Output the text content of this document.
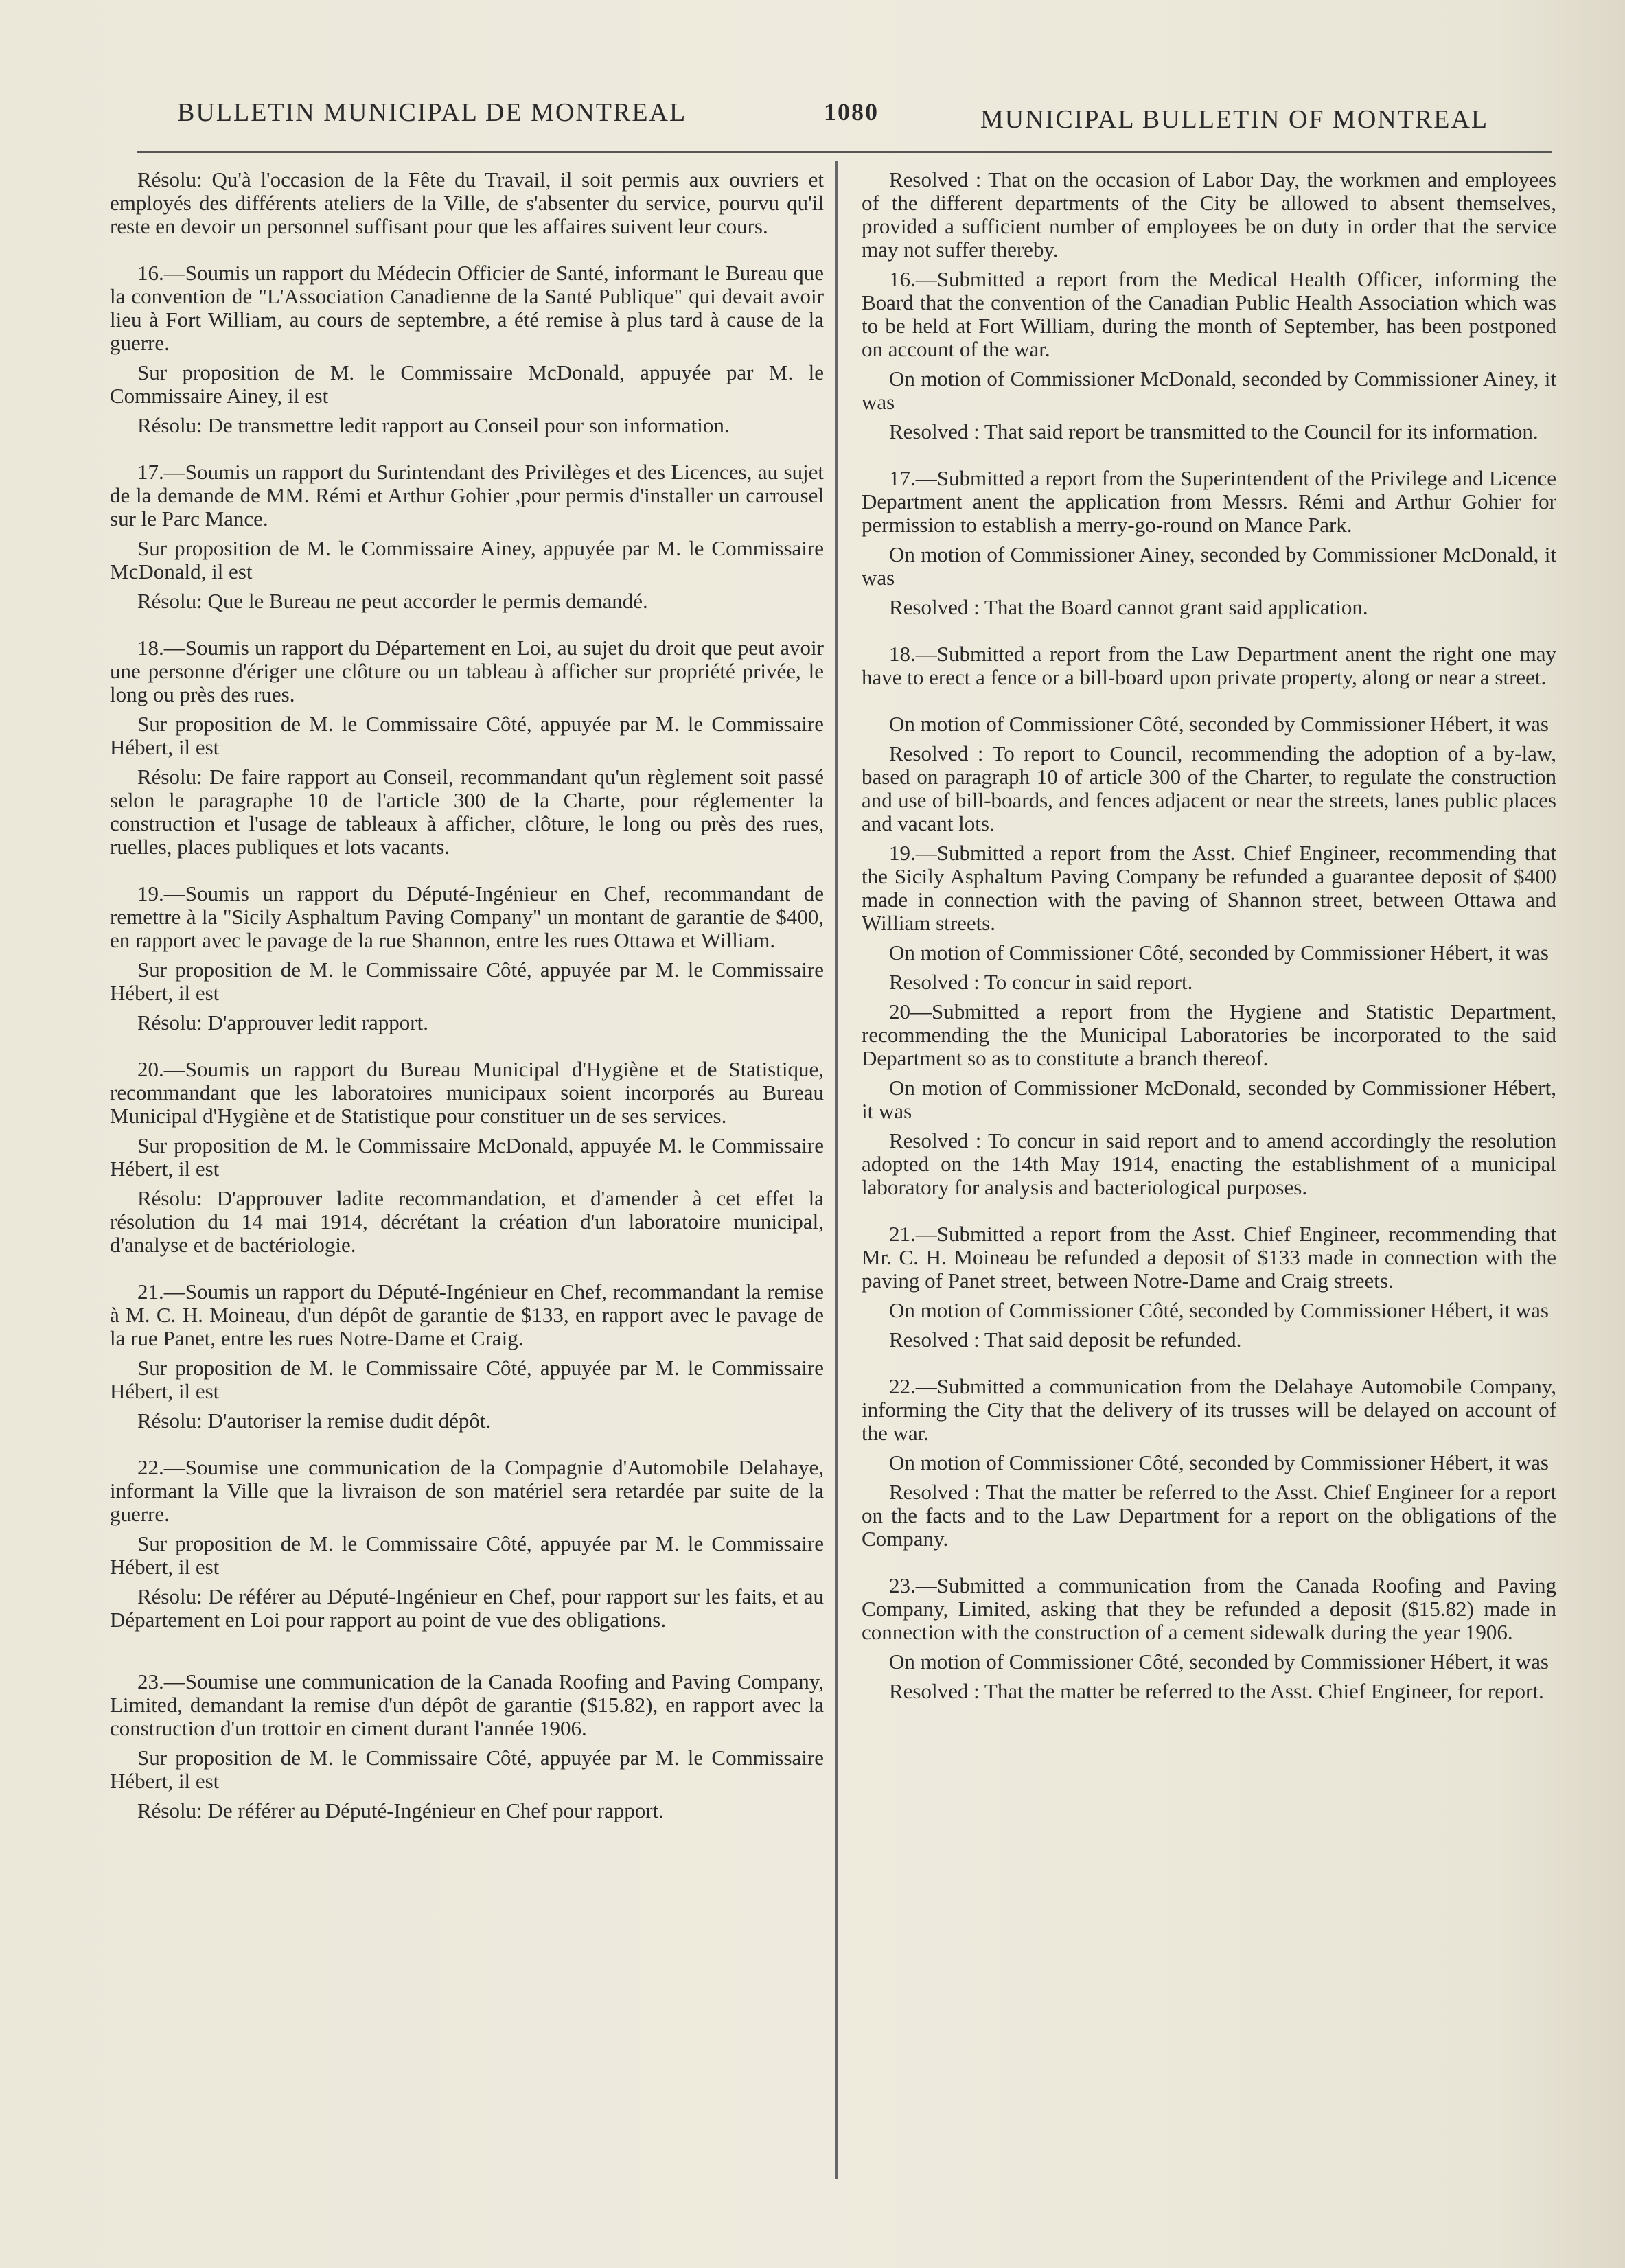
BULLETIN MUNICIPAL DE MONTREAL	1080	MUNICIPAL BULLETIN OF MONTREAL

Résolu: Qu'à l'occasion de la Fête du Travail, il soit permis aux ouvriers et employés des différents ateliers de la Ville, de s'absenter du service, pourvu qu'il reste en devoir un personnel suffisant pour que les affaires suivent leur cours.

16.—Soumis un rapport du Médecin Officier de Santé, informant le Bureau que la convention de "L'Association Canadienne de la Santé Publique" qui devait avoir lieu à Fort William, au cours de septembre, a été remise à plus tard à cause de la guerre.

Sur proposition de M. le Commissaire McDonald, appuyée par M. le Commissaire Ainey, il est

Résolu: De transmettre ledit rapport au Conseil pour son information.

17.—Soumis un rapport du Surintendant des Privilèges et des Licences, au sujet de la demande de MM. Rémi et Arthur Gohier ,pour permis d'installer un carrousel sur le Parc Mance.

Sur proposition de M. le Commissaire Ainey, appuyée par M. le Commissaire McDonald, il est

Résolu: Que le Bureau ne peut accorder le permis demandé.

18.—Soumis un rapport du Département en Loi, au sujet du droit que peut avoir une personne d'ériger une clôture ou un tableau à afficher sur propriété privée, le long ou près des rues.

Sur proposition de M. le Commissaire Côté, appuyée par M. le Commissaire Hébert, il est

Résolu: De faire rapport au Conseil, recommandant qu'un règlement soit passé selon le paragraphe 10 de l'article 300 de la Charte, pour réglementer la construction et l'usage de tableaux à afficher, clôture, le long ou près des rues, ruelles, places publiques et lots vacants.

19.—Soumis un rapport du Député-Ingénieur en Chef, recommandant de remettre à la "Sicily Asphaltum Paving Company" un montant de garantie de $400, en rapport avec le pavage de la rue Shannon, entre les rues Ottawa et William.

Sur proposition de M. le Commissaire Côté, appuyée par M. le Commissaire Hébert, il est

Résolu: D'approuver ledit rapport.

20.—Soumis un rapport du Bureau Municipal d'Hygiène et de Statistique, recommandant que les laboratoires municipaux soient incorporés au Bureau Municipal d'Hygiène et de Statistique pour constituer un de ses services.

Sur proposition de M. le Commissaire McDonald, appuyée M. le Commissaire Hébert, il est

Résolu: D'approuver ladite recommandation, et d'amender à cet effet la résolution du 14 mai 1914, décrétant la création d'un laboratoire municipal, d'analyse et de bactériologie.

21.—Soumis un rapport du Député-Ingénieur en Chef, recommandant la remise à M. C. H. Moineau, d'un dépôt de garantie de $133, en rapport avec le pavage de la rue Panet, entre les rues Notre-Dame et Craig.

Sur proposition de M. le Commissaire Côté, appuyée par M. le Commissaire Hébert, il est

Résolu: D'autoriser la remise dudit dépôt.

22.—Soumise une communication de la Compagnie d'Automobile Delahaye, informant la Ville que la livraison de son matériel sera retardée par suite de la guerre.

Sur proposition de M. le Commissaire Côté, appuyée par M. le Commissaire Hébert, il est

Résolu: De référer au Député-Ingénieur en Chef, pour rapport sur les faits, et au Département en Loi pour rapport au point de vue des obligations.

23.—Soumise une communication de la Canada Roofing and Paving Company, Limited, demandant la remise d'un dépôt de garantie ($15.82), en rapport avec la construction d'un trottoir en ciment durant l'année 1906.

Sur proposition de M. le Commissaire Côté, appuyée par M. le Commissaire Hébert, il est

Résolu: De référer au Député-Ingénieur en Chef pour rapport.

Resolved : That on the occasion of Labor Day, the workmen and employees of the different departments of the City be allowed to absent themselves, provided a sufficient number of employees be on duty in order that the service may not suffer thereby.

16.—Submitted a report from the Medical Health Officer, informing the Board that the convention of the Canadian Public Health Association which was to be held at Fort William, during the month of September, has been postponed on account of the war.

On motion of Commissioner McDonald, seconded by Commissioner Ainey, it was

Resolved : That said report be transmitted to the Council for its information.

17.—Submitted a report from the Superintendent of the Privilege and Licence Department anent the application from Messrs. Rémi and Arthur Gohier for permission to establish a merry-go-round on Mance Park.

On motion of Commissioner Ainey, seconded by Commissioner McDonald, it was

Resolved : That the Board cannot grant said application.

18.—Submitted a report from the Law Department anent the right one may have to erect a fence or a bill-board upon private property, along or near a street.

On motion of Commissioner Côté, seconded by Commissioner Hébert, it was

Resolved : To report to Council, recommending the adoption of a by-law, based on paragraph 10 of article 300 of the Charter, to regulate the construction and use of bill-boards, and fences adjacent or near the streets, lanes public places and vacant lots.

19.—Submitted a report from the Asst. Chief Engineer, recommending that the Sicily Asphaltum Paving Company be refunded a guarantee deposit of $400 made in connection with the paving of Shannon street, between Ottawa and William streets.

On motion of Commissioner Côté, seconded by Commissioner Hébert, it was

Resolved : To concur in said report.

20—Submitted a report from the Hygiene and Statistic Department, recommending the the Municipal Laboratories be incorporated to the said Department so as to constitute a branch thereof.

On motion of Commissioner McDonald, seconded by Commissioner Hébert, it was

Resolved : To concur in said report and to amend accordingly the resolution adopted on the 14th May 1914, enacting the establishment of a municipal laboratory for analysis and bacteriological purposes.

21.—Submitted a report from the Asst. Chief Engineer, recommending that Mr. C. H. Moineau be refunded a deposit of $133 made in connection with the paving of Panet street, between Notre-Dame and Craig streets.

On motion of Commissioner Côté, seconded by Commissioner Hébert, it was

Resolved : That said deposit be refunded.

22.—Submitted a communication from the Delahaye Automobile Company, informing the City that the delivery of its trusses will be delayed on account of the war.

On motion of Commissioner Côté, seconded by Commissioner Hébert, it was

Resolved : That the matter be referred to the Asst. Chief Engineer for a report on the facts and to the Law Department for a report on the obligations of the Company.

23.—Submitted a communication from the Canada Roofing and Paving Company, Limited, asking that they be refunded a deposit ($15.82) made in connection with the construction of a cement sidewalk during the year 1906.

On motion of Commissioner Côté, seconded by Commissioner Hébert, it was

Resolved : That the matter be referred to the Asst. Chief Engineer, for report.
